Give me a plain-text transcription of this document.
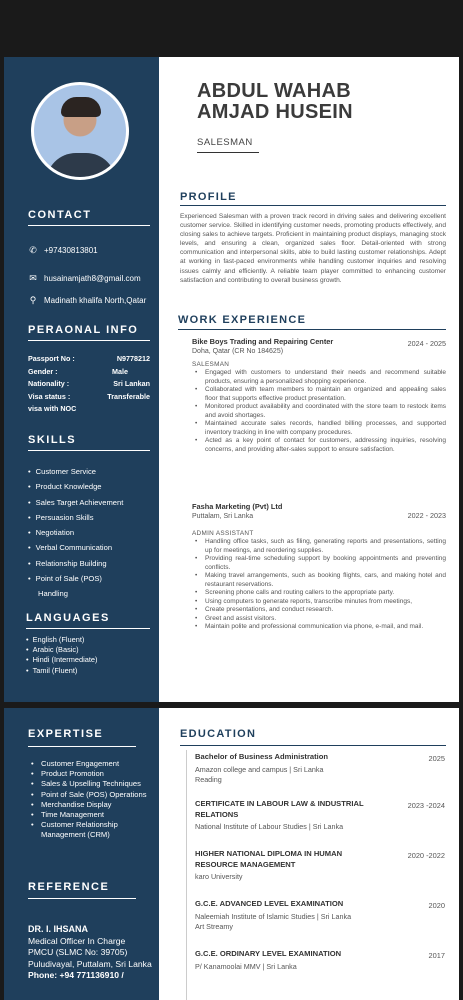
CONTACT
✆ +97430813801
✉ husainamjath8@gmail.com
⚲ Madinath khalifa North,Qatar
PERAONAL INFO
Passport No :	N9778212
Gender :	Male
Nationality :	Sri Lankan
Visa status :	Transferable
visa with NOC
SKILLS
• Customer Service
• Product Knowledge
• Sales Target Achievement
• Persuasion Skills
• Negotiation
• Verbal Communication
• Relationship Building
• Point of Sale (POS)
Handling
LANGUAGES
• English (Fluent)
• Arabic (Basic)
• Hindi (Intermediate)
• Tamil (Fluent)
ABDUL WAHAB
AMJAD HUSEIN
SALESMAN
PROFILE
Experienced Salesman with a proven track record in driving sales and delivering excellent customer service. Skilled in identifying customer needs, promoting products effectively, and closing sales to achieve targets. Proficient in maintaining product displays, managing stock levels, and ensuring a clean, organized sales floor. Detail-oriented with strong communication and interpersonal skills, able to build lasting customer relationships. Adept at working in fast-paced environments while handling customer inquiries and resolving issues calmly and efficiently. A reliable team player committed to enhancing customer satisfaction and contributing to overall business growth.
WORK EXPERIENCE
Bike Boys Trading and Repairing Center	2024 - 2025
Doha, Qatar (CR No 184625)
SALESMAN
• Engaged with customers to understand their needs and recommend suitable products, ensuring a personalized shopping experience.
• Collaborated with team members to maintain an organized and appealing sales floor that supports effective product presentation.
• Monitored product availability and coordinated with the store team to restock items and avoid shortages.
• Maintained accurate sales records, handled billing processes, and supported inventory tracking in line with company procedures.
• Acted as a key point of contact for customers, addressing inquiries, resolving concerns, and providing after-sales support to ensure satisfaction.
Fasha Marketing (Pvt) Ltd
2022 - 2023
Puttalam, Sri Lanka
ADMIN ASSISTANT
• Handling office tasks, such as filing, generating reports and presentations, setting up for meetings, and reordering supplies.
• Providing real-time scheduling support by booking appointments and preventing conflicts.
• Making travel arrangements, such as booking flights, cars, and making hotel and restaurant reservations.
• Screening phone calls and routing callers to the appropriate party.
• Using computers to generate reports, transcribe minutes from meetings,
• Create presentations, and conduct research.
• Greet and assist visitors.
• Maintain polite and professional communication via phone, e-mail, and mail.
EXPERTISE
• Customer Engagement
• Product Promotion
• Sales & Upselling Techniques
• Point of Sale (POS) Operations
• Merchandise Display
• Time Management
• Customer Relationship Management (CRM)
REFERENCE
DR. I. IHSANA
Medical Officer In Charge
PMCU (SLMC No: 39705)
Puludivayal, Puttalam, Sri Lanka
Phone: +94 771136910 /
EDUCATION
Bachelor of Business Administration	2025
Amazon college and campus | Sri Lanka
Reading
CERTIFICATE IN LABOUR LAW & INDUSTRIAL RELATIONS
2023 -2024
National Institute of Labour Studies | Sri Lanka
HIGHER NATIONAL DIPLOMA IN HUMAN RESOURCE MANAGEMENT
2020 -2022
karo University
G.C.E. ADVANCED LEVEL EXAMINATION	2020
Naleemiah Institute of Islamic Studies | Sri Lanka
Art Streamy
G.C.E. ORDINARY LEVEL EXAMINATION	2017
P/ Kanamoolai MMV | Sri Lanka
